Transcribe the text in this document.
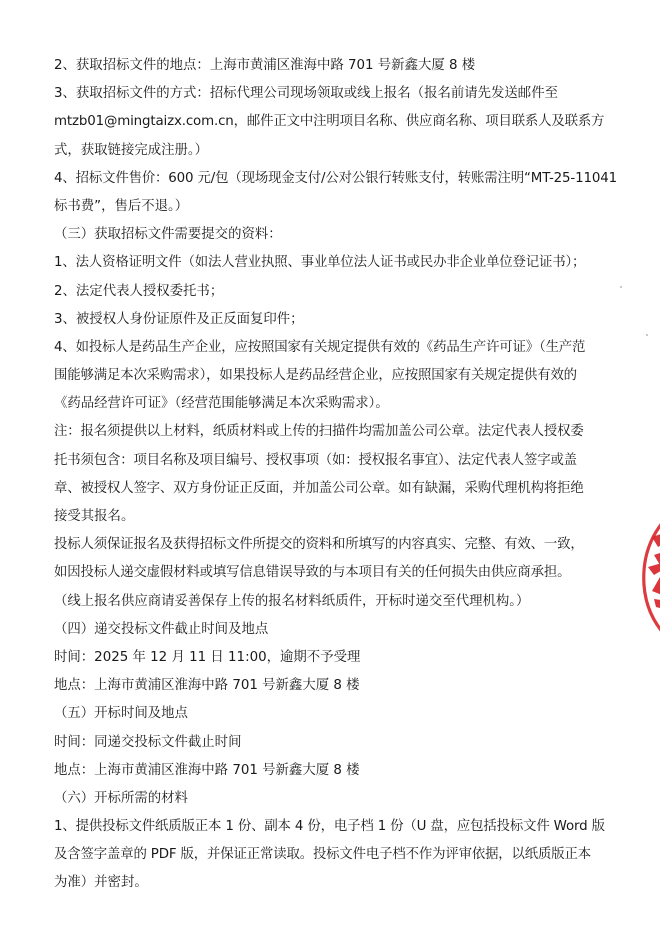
2、获取招标文件的地点：上海市黄浦区淮海中路 701 号新鑫大厦 8 楼

3、获取招标文件的方式：招标代理公司现场领取或线上报名（报名前请先发送邮件至

mtzb01@mingtaizx.com.cn，邮件正文中注明项目名称、供应商名称、项目联系人及联系方

式，获取链接完成注册。）

4、招标文件售价：600 元/包（现场现金支付/公对公银行转账支付，转账需注明“MT-25-11041

标书费”，售后不退。）

（三）获取招标文件需要提交的资料：

1、法人资格证明文件（如法人营业执照、事业单位法人证书或民办非企业单位登记证书）；

2、法定代表人授权委托书；

3、被授权人身份证原件及正反面复印件；

4、如投标人是药品生产企业，应按照国家有关规定提供有效的《药品生产许可证》（生产范

围能够满足本次采购需求），如果投标人是药品经营企业，应按照国家有关规定提供有效的

《药品经营许可证》（经营范围能够满足本次采购需求）。

注：报名须提供以上材料，纸质材料或上传的扫描件均需加盖公司公章。法定代表人授权委

托书须包含：项目名称及项目编号、授权事项（如：授权报名事宜）、法定代表人签字或盖

章、被授权人签字、双方身份证正反面，并加盖公司公章。如有缺漏，采购代理机构将拒绝

接受其报名。

投标人须保证报名及获得招标文件所提交的资料和所填写的内容真实、完整、有效、一致，

如因投标人递交虚假材料或填写信息错误导致的与本项目有关的任何损失由供应商承担。

（线上报名供应商请妥善保存上传的报名材料纸质件，开标时递交至代理机构。）

（四）递交投标文件截止时间及地点

时间：2025 年 12 月 11 日 11:00，逾期不予受理

地点：上海市黄浦区淮海中路 701 号新鑫大厦 8 楼

（五）开标时间及地点

时间：同递交投标文件截止时间

地点：上海市黄浦区淮海中路 701 号新鑫大厦 8 楼

（六）开标所需的材料

1、提供投标文件纸质版正本 1 份、副本 4 份，电子档 1 份（U 盘，应包括投标文件 Word 版

及含签字盖章的 PDF 版，并保证正常读取。投标文件电子档不作为评审依据，以纸质版正本

为准）并密封。
